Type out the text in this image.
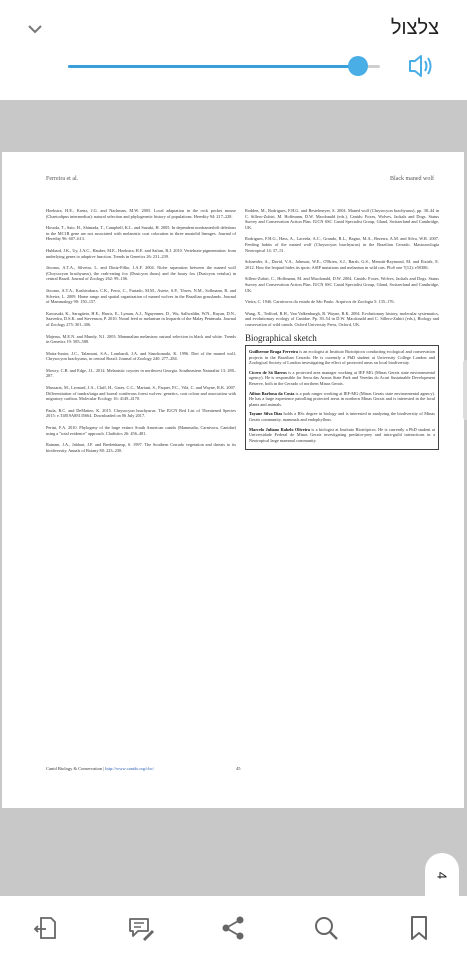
צלצול
Ferreira et al.	Black maned wolf
Hoekstra, H.E., Krenz, J.G. and Nachman, M.W. 2005. Local adaptation in the rock pocket mouse (Chaetodipus intermedius): natural selection and phylogenetic history of populations. Heredity 94: 217–228.
Hosoda, T., Sato, H., Shimada, T., Campbell, K.L. and Suzuki, H. 2005. In dependent nonframeshift deletions in the MC1R gene are not associated with melanistic coat coloration in three mustelid lineages. Journal of Heredity 96: 607–613.
Hubbard, J.K., Uy, J.A.C., Hauber, M.E., Hoekstra, H.E. and Safran, R.J. 2010. Vertebrate pigmentation: from underlying genes to adaptive function. Trends in Genetics 26: 231–239.
Jácomo, A.T.A., Silveira, L. and Diniz-Filho, J.A.F. 2004. Niche separation between the maned wolf (Chrysocyon brachyurus), the crab-eating fox (Dusicyon thous) and the hoary fox (Dusicyon vetulus) in central Brazil. Journal of Zoology 262: 99–106.
Jácomo, A.T.A., Kashivakura, C.K., Ferro, C., Furtado, M.M., Astete, S.P., Tôrres, N.M., Sollmann, R. and Silveira, L. 2009. Home range and spatial organization of maned wolves in the Brazilian grasslands. Journal of Mammalogy 90: 150–157.
Kawasaki, K., Saragüeta, H.E., Harris, E., Lyman, A.J., Nguyenner, D., Wu, Sallwaldin, W.N., Ruyan, D.N., Saavedra, D.S.K. and Stevenson, P. 2010. Noonl feed or melanism in leopards of the Malay Peninsula. Journal of Zoology 275: 301–306.
Majerus, M.E.N. and Mundy, N.I. 2003. Mammalian melanism: natural selection in black and white. Trends in Genetics 19: 585–588.
Motta-Junior, J.C., Talamoni, S.A., Lombardi, J.A. and Simokomaki, K. 1996. Diet of the maned wolf, Chrysocyon brachyurus, in central Brazil. Journal of Zoology 240: 277–284.
Mowry, C.B. and Edge, J.L. 2014. Melanistic coyotes in northwest Georgia. Southeastern Naturalist 13: 280–287.
Mussarat, M., Leonard, J.A., Cluff, H., Gates, C.C., Mariani, S., Paquet, P.C., Vilà, C. and Wayne, R.K. 2007. Differentiation of tundra/taiga and boreal coniferous forest wolves: genetics, coat colour and association with migratory caribou. Molecular Ecology 16: 4149–4170.
Paula, R.C. and DeMatteo, K. 2015. Chrysocyon brachyurus. The IUCN Red List of Threatened Species 2015: e.T4819A88135664. Downloaded on 06 July 2017.
Perini, F.A. 2010. Phylogeny of the large extinct South American canids (Mammalia, Carnivora, Canidae) using a "total evidence" approach. Cladistics 26: 456–481.
Ratnam, J.A., Jabbari, J.F. and Bredenkamp, S. 1997. The Southern Cerrado vegetation and threats to its biodiversity. Annals of Botany 80: 223–230.
Rodden, M., Rodrigues, F.H.G. and Bestelmeyer, S. 2004. Maned wolf (Chrysocyon brachyurus), pp. 38–44 in C. Sillero-Zubiri, M. Hoffmann, D.W. Macdonald (eds.), Canids: Foxes, Wolves, Jackals and Dogs. Status Survey and Conservation Action Plan. IUCN SSC Canid Specialist Group, Gland, Switzerland and Cambridge, UK.
Rodrigues, F.H.G., Hass, A., Lacerda, A.C., Grando, R.L., Bagno, M.A., Bezerra, A.M. and Silva, W.R. 2007. Feeding habits of the maned wolf (Chrysocyon brachyurus) in the Brazilian Cerrado. Mastozoología Neotropical 14: 37–51.
Schneider, A., David, V.A., Johnson, W.E., O'Brien, S.J., Barsh, G.S., Menotti-Raymond, M. and Eizirik, E. 2012. How the leopard hides its spots: ASIP mutations and melanism in wild cats. PloS one 7(12): e50386.
Sillero-Zubiri, C., Hoffmann, M. and Macdonald, D.W. 2004. Canids: Foxes, Wolves, Jackals and Dogs. Status Survey and Conservation Action Plan. IUCN SSC Canid Specialist Group, Gland, Switzerland and Cambridge, UK.
Vieira, C. 1946. Carnívoros do estado de São Paulo. Arquivos de Zoologia 5: 135–176.
Wang, X., Tedford, R.H., Van Valkenburgh, B. Wayne, R.K. 2004. Evolutionary history, molecular systematics, and evolutionary ecology of Canidae. Pp. 39–54 in D.W. Macdonald and C. Sillero-Zubiri (eds.), Biology and conservation of wild canids. Oxford University Press, Oxford, UK.
Biographical sketch
Guilherme Braga Ferreira is an ecologist at Instituto Biotrópicos conducting ecological and conservation projects in the Brazilian Cerrado. He is currently a PhD student at University College London and Zoological Society of London investigating the effect of protected areas on local biodiversity.
Cícero de Sá Barros is a protected area manager working at IEF MG (Minas Gerais state environmental agency). He is responsible for Serra das Araras State Park and Veredas do Acari Sustainable Development Reserve, both in the Cerrado of northern Minas Gerais.
Ailton Barbosa da Costa is a park ranger working at IEF-MG (Minas Gerais state environmental agency). He has a large experience patrolling protected areas in northern Minas Gerais and is interested in the local plants and animals.
Tayane Silva Dias holds a BSc degree in biology and is interested in analyzing the biodiversity of Minas Gerais community, mammals and endophyllous.
Marcelo Juliano Rabelo Oliveira is a biologist at Instituto Biotrópicos. He is currently a PhD student at Universidade Federal de Minas Gerais investigating predator-prey and intra-guild interactions in a Neotropical large mammal community.
Canid Biology & Conservation | http://www.canids.org/cbc/	45
4
